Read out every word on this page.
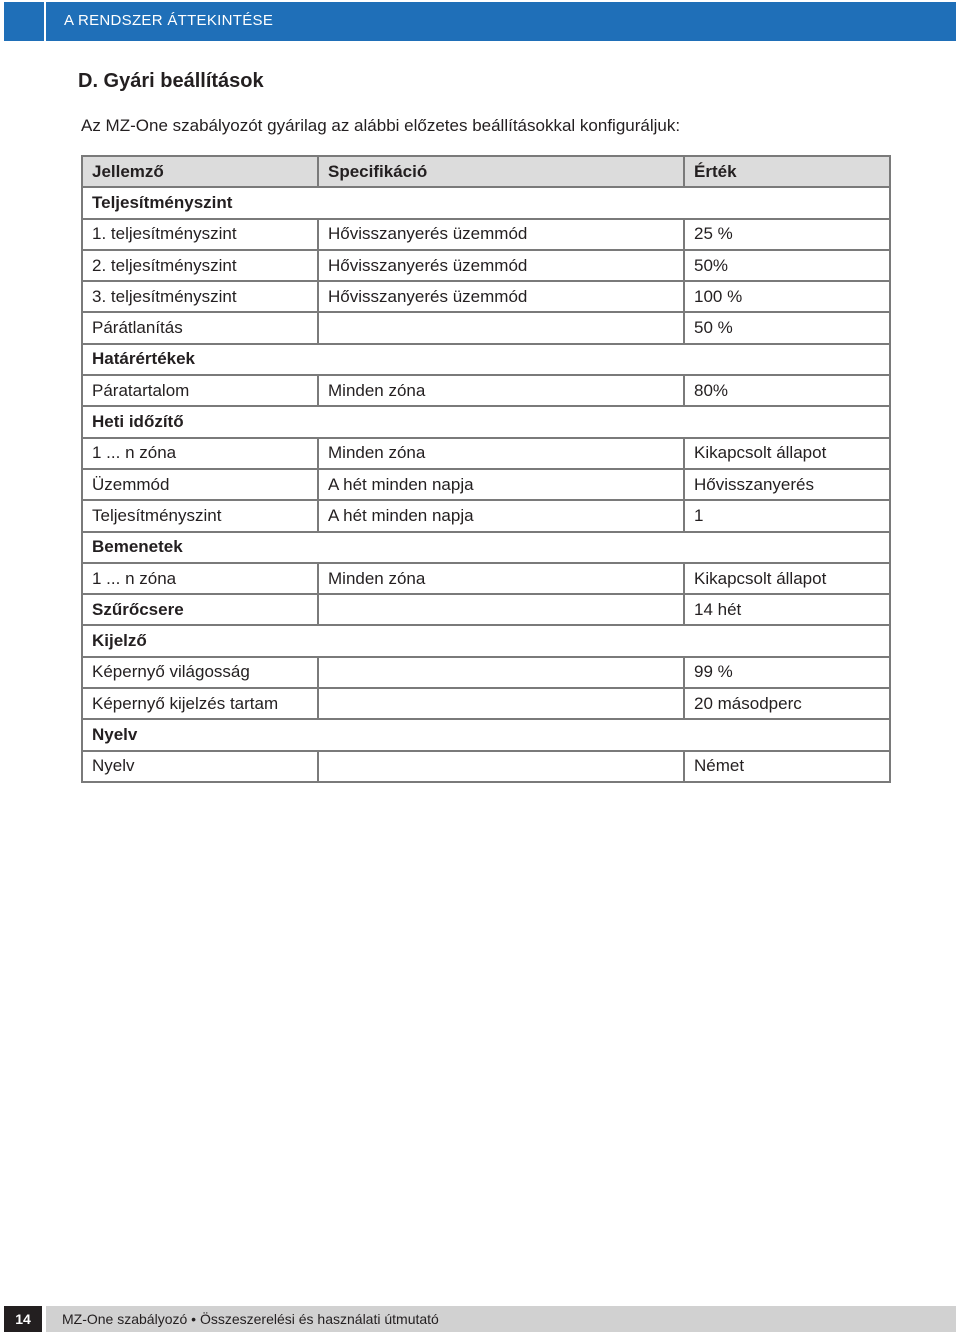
A RENDSZER ÁTTEKINTÉSE
D. Gyári beállítások
Az MZ-One szabályozót gyárilag az alábbi előzetes beállításokkal konfiguráljuk:
Jellemző	Specifikáció	Érték
Teljesítményszint		
1. teljesítményszint	Hővisszanyerés üzemmód	25 %
2. teljesítményszint	Hővisszanyerés üzemmód	50%
3. teljesítményszint	Hővisszanyerés üzemmód	100 %
Párátlanítás		50 %
Határértékek		
Páratartalom	Minden zóna	80%
Heti időzítő		
1 ... n zóna	Minden zóna	Kikapcsolt állapot
Üzemmód	A hét minden napja	Hővisszanyerés
Teljesítményszint	A hét minden napja	1
Bemenetek		
1 ... n zóna	Minden zóna	Kikapcsolt állapot
Szűrőcsere		14 hét
Kijelző		
Képernyő világosság		99 %
Képernyő kijelzés tartam		20 másodperc
Nyelv		
Nyelv		Német
14	MZ-One szabályozó • Összeszerelési és használati útmutató
